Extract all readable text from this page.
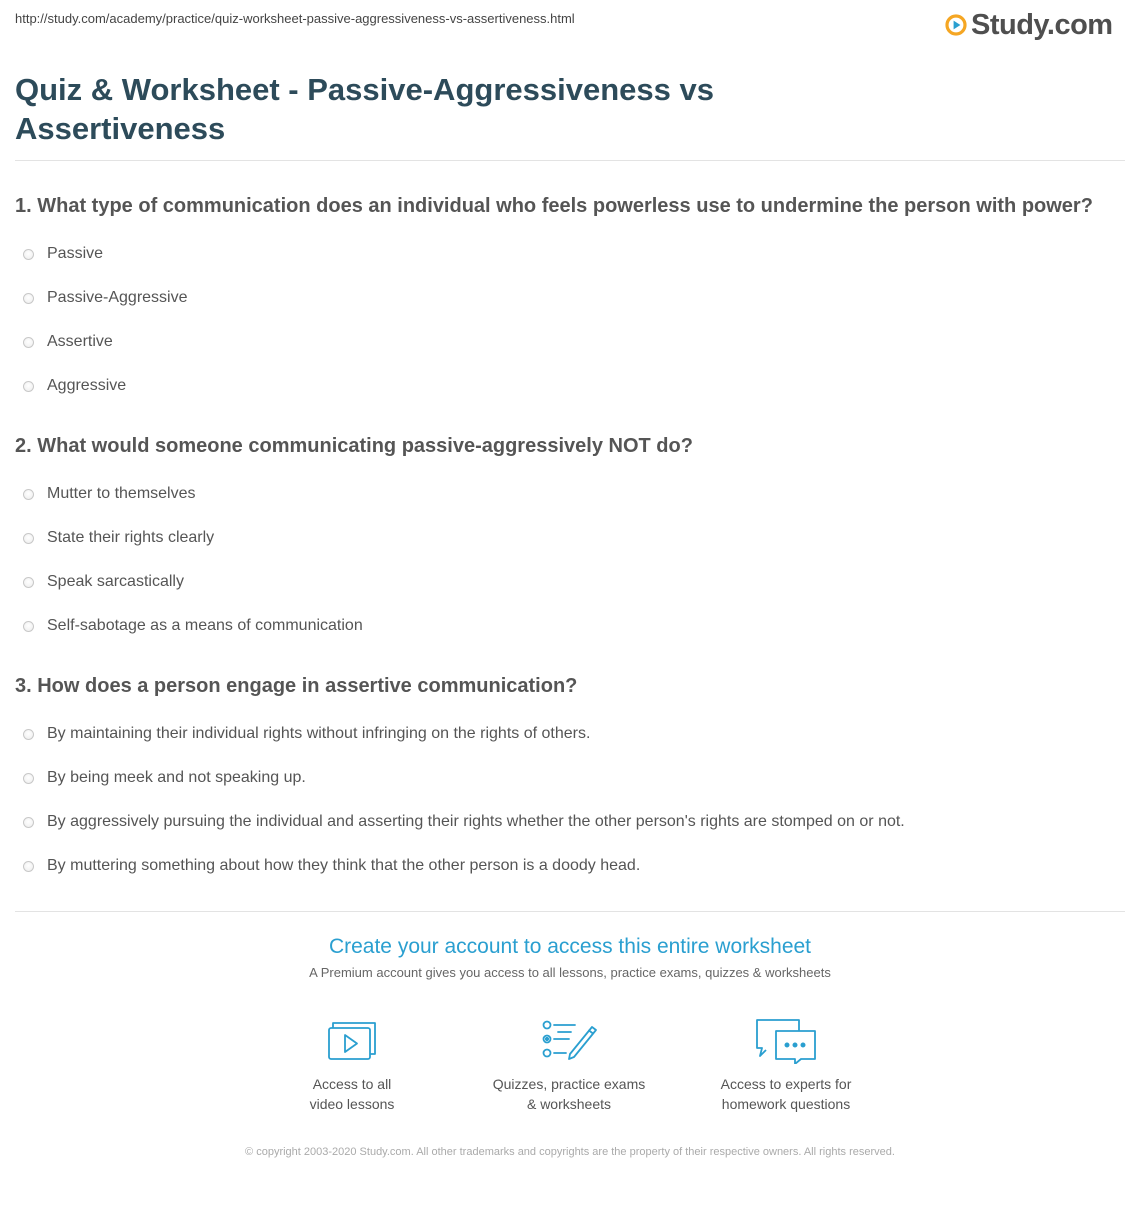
http://study.com/academy/practice/quiz-worksheet-passive-aggressiveness-vs-assertiveness.html	Study.com
Quiz & Worksheet - Passive-Aggressiveness vs Assertiveness
1. What type of communication does an individual who feels powerless use to undermine the person with power?
Passive
Passive-Aggressive
Assertive
Aggressive
2. What would someone communicating passive-aggressively NOT do?
Mutter to themselves
State their rights clearly
Speak sarcastically
Self-sabotage as a means of communication
3. How does a person engage in assertive communication?
By maintaining their individual rights without infringing on the rights of others.
By being meek and not speaking up.
By aggressively pursuing the individual and asserting their rights whether the other person's rights are stomped on or not.
By muttering something about how they think that the other person is a doody head.
Create your account to access this entire worksheet
A Premium account gives you access to all lessons, practice exams, quizzes & worksheets
Access to all
video lessons
Quizzes, practice exams
& worksheets
Access to experts for
homework questions
© copyright 2003-2020 Study.com. All other trademarks and copyrights are the property of their respective owners. All rights reserved.
